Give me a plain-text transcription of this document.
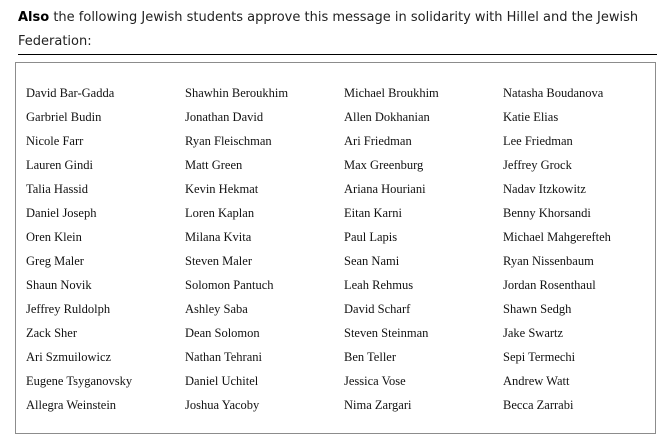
Also the following Jewish students approve this message in solidarity with Hillel and the Jewish Federation:
David Bar-Gadda	Shawhin Beroukhim	Michael Broukhim	Natasha Boudanova
Garbriel Budin	Jonathan David	Allen Dokhanian	Katie Elias
Nicole Farr	Ryan Fleischman	Ari Friedman	Lee Friedman
Lauren Gindi	Matt Green	Max Greenburg	Jeffrey Grock
Talia Hassid	Kevin Hekmat	Ariana Houriani	Nadav Itzkowitz
Daniel Joseph	Loren Kaplan	Eitan Karni	Benny Khorsandi
Oren Klein	Milana Kvita	Paul Lapis	Michael Mahgerefteh
Greg Maler	Steven Maler	Sean Nami	Ryan Nissenbaum
Shaun Novik	Solomon Pantuch	Leah Rehmus	Jordan Rosenthaul
Jeffrey Ruldolph	Ashley Saba	David Scharf	Shawn Sedgh
Zack Sher	Dean Solomon	Steven Steinman	Jake Swartz
Ari Szmuilowicz	Nathan Tehrani	Ben Teller	Sepi Termechi
Eugene Tsyganovsky	Daniel Uchitel	Jessica Vose	Andrew Watt
Allegra Weinstein	Joshua Yacoby	Nima Zargari	Becca Zarrabi
